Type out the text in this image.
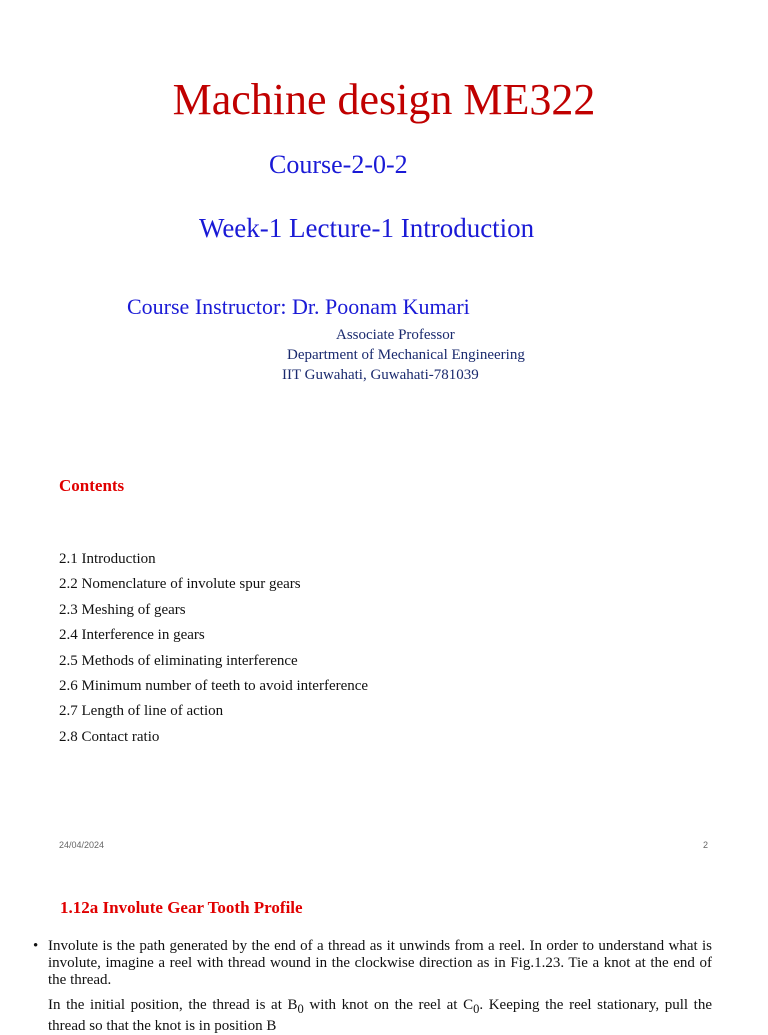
Machine design ME322
Course-2-0-2
Week-1 Lecture-1 Introduction
Course Instructor: Dr. Poonam Kumari
Associate Professor
Department of Mechanical Engineering
IIT Guwahati, Guwahati-781039
Contents
2.1 Introduction
2.2 Nomenclature of involute spur gears
2.3 Meshing of gears
2.4 Interference in gears
2.5 Methods of eliminating interference
2.6 Minimum number of teeth to avoid interference
2.7 Length of line of action
2.8 Contact ratio
24/04/2024	2
1.12a Involute Gear Tooth Profile
• Involute is the path generated by the end of a thread as it unwinds from a reel. In order to understand what is involute, imagine a reel with thread wound in the clockwise direction as in Fig.1.23. Tie a knot at the end of the thread.
In the initial position, the thread is at $B_0$ with knot on the reel at $C_0$. Keeping the reel stationary, pull the thread so that the knot is in position B
